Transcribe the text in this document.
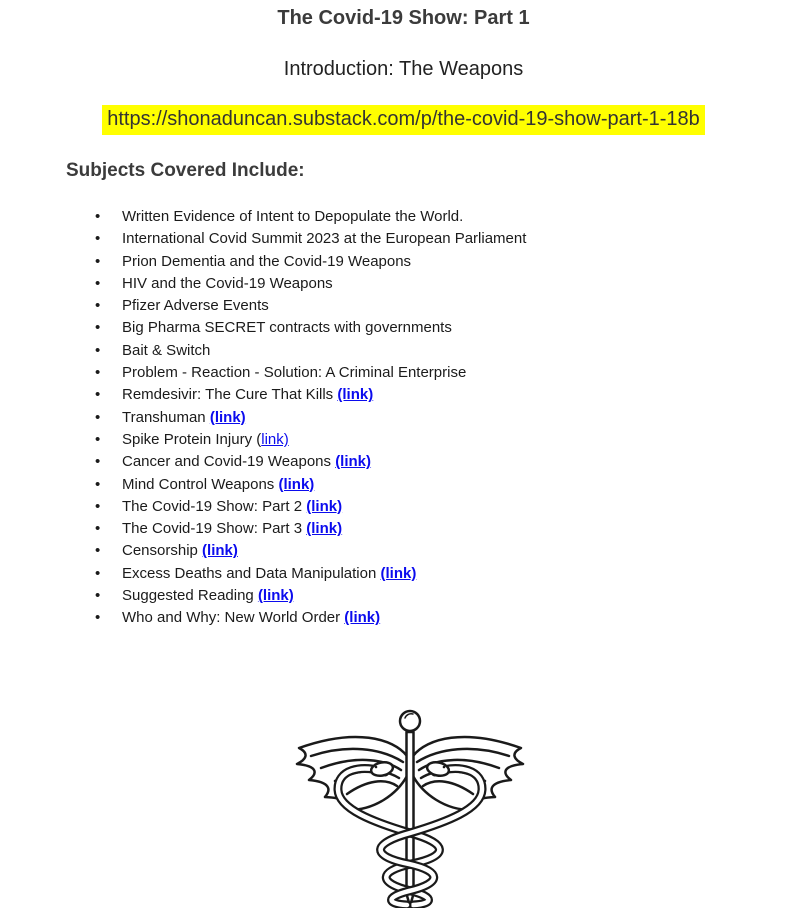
The Covid-19 Show: Part 1
Introduction: The Weapons
https://shonaduncan.substack.com/p/the-covid-19-show-part-1-18b
Subjects Covered Include:
• Written Evidence of Intent to Depopulate the World.
• International Covid Summit 2023 at the European Parliament
• Prion Dementia and the Covid-19 Weapons
• HIV and the Covid-19 Weapons
• Pfizer Adverse Events
• Big Pharma SECRET contracts with governments
• Bait & Switch
• Problem - Reaction - Solution: A Criminal Enterprise
• Remdesivir: The Cure That Kills (link)
• Transhuman (link)
• Spike Protein Injury (link)
• Cancer and Covid-19 Weapons (link)
• Mind Control Weapons (link)
• The Covid-19 Show: Part 2 (link)
• The Covid-19 Show: Part 3 (link)
• Censorship (link)
• Excess Deaths and Data Manipulation (link)
• Suggested Reading (link)
• Who and Why: New World Order (link)
